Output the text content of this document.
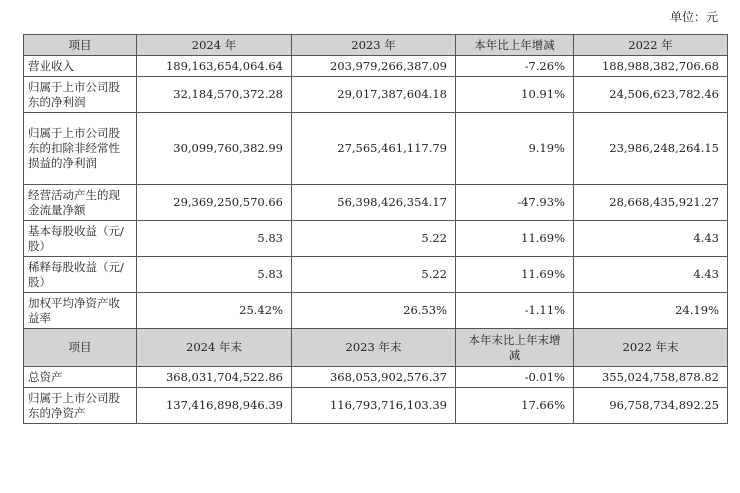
单位：元
项目	2024 年	2023 年	本年比上年增减	2022 年
营业收入	189,163,654,064.64	203,979,266,387.09	-7.26%	188,988,382,706.68
归属于上市公司股东的净利润	32,184,570,372.28	29,017,387,604.18	10.91%	24,506,623,782.46
归属于上市公司股东的扣除非经常性损益的净利润	30,099,760,382.99	27,565,461,117.79	9.19%	23,986,248,264.15
经营活动产生的现金流量净额	29,369,250,570.66	56,398,426,354.17	-47.93%	28,668,435,921.27
基本每股收益（元/股）	5.83	5.22	11.69%	4.43
稀释每股收益（元/股）	5.83	5.22	11.69%	4.43
加权平均净资产收益率	25.42%	26.53%	-1.11%	24.19%
项目	2024 年末	2023 年末	本年末比上年末增减	2022 年末
总资产	368,031,704,522.86	368,053,902,576.37	-0.01%	355,024,758,878.82
归属于上市公司股东的净资产	137,416,898,946.39	116,793,716,103.39	17.66%	96,758,734,892.25
